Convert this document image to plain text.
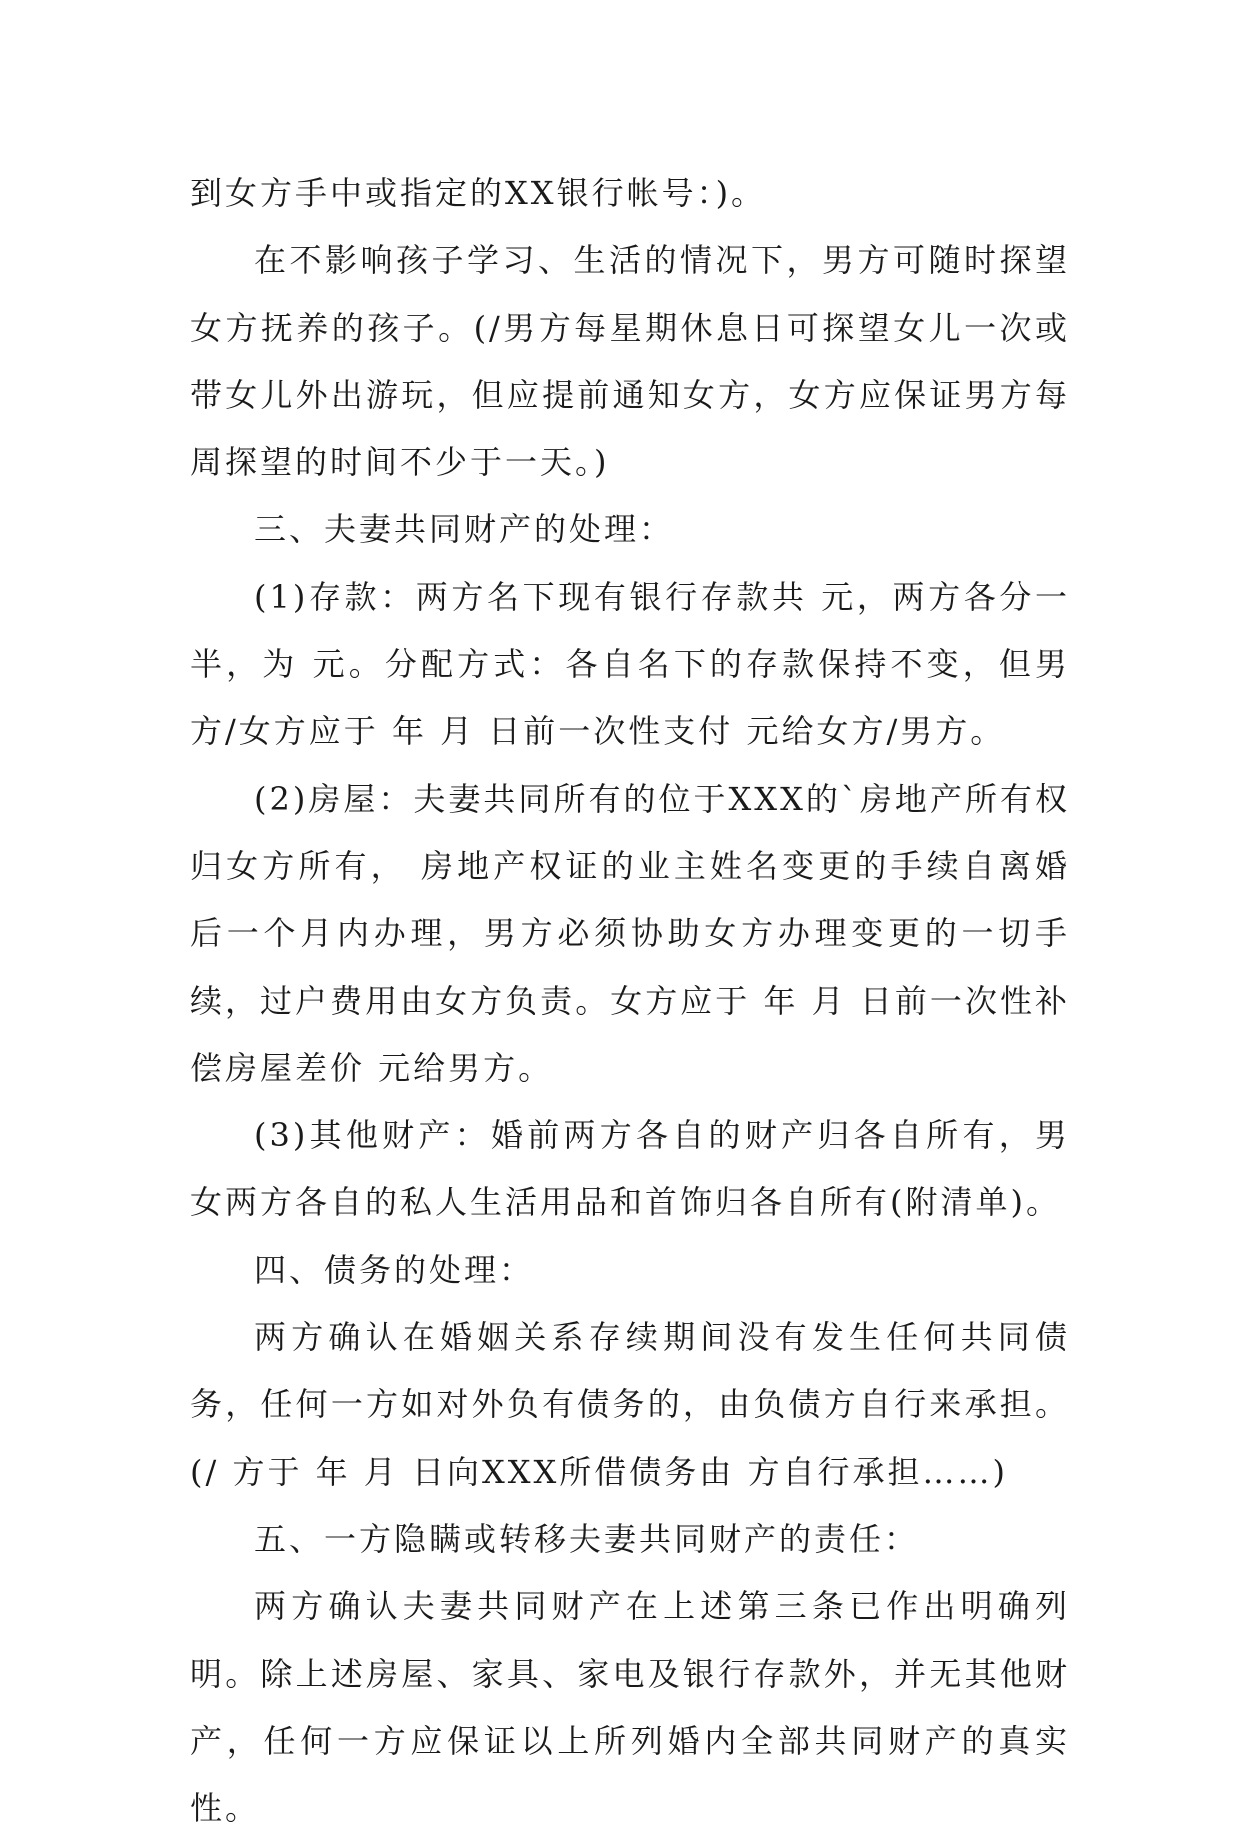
到女方手中或指定的XX银行帐号：)。

在不影响孩子学习、生活的情况下，男方可随时探望女方抚养的孩子。(/男方每星期休息日可探望女儿一次或带女儿外出游玩，但应提前通知女方，女方应保证男方每周探望的时间不少于一天。)

三、夫妻共同财产的处理：

(1)存款：两方名下现有银行存款共 元，两方各分一半，为 元。分配方式：各自名下的存款保持不变，但男方/女方应于 年 月 日前一次性支付 元给女方/男方。

(2)房屋：夫妻共同所有的位于XXX的`房地产所有权归女方所有， 房地产权证的业主姓名变更的手续自离婚后一个月内办理，男方必须协助女方办理变更的一切手续，过户费用由女方负责。女方应于 年 月 日前一次性补偿房屋差价 元给男方。

(3)其他财产：婚前两方各自的财产归各自所有，男女两方各自的私人生活用品和首饰归各自所有(附清单)。

四、债务的处理：

两方确认在婚姻关系存续期间没有发生任何共同债务，任何一方如对外负有债务的，由负债方自行来承担。(/ 方于 年 月 日向XXX所借债务由 方自行承担……)

五、一方隐瞒或转移夫妻共同财产的责任：

两方确认夫妻共同财产在上述第三条已作出明确列明。除上述房屋、家具、家电及银行存款外，并无其他财产，任何一方应保证以上所列婚内全部共同财产的真实性。
